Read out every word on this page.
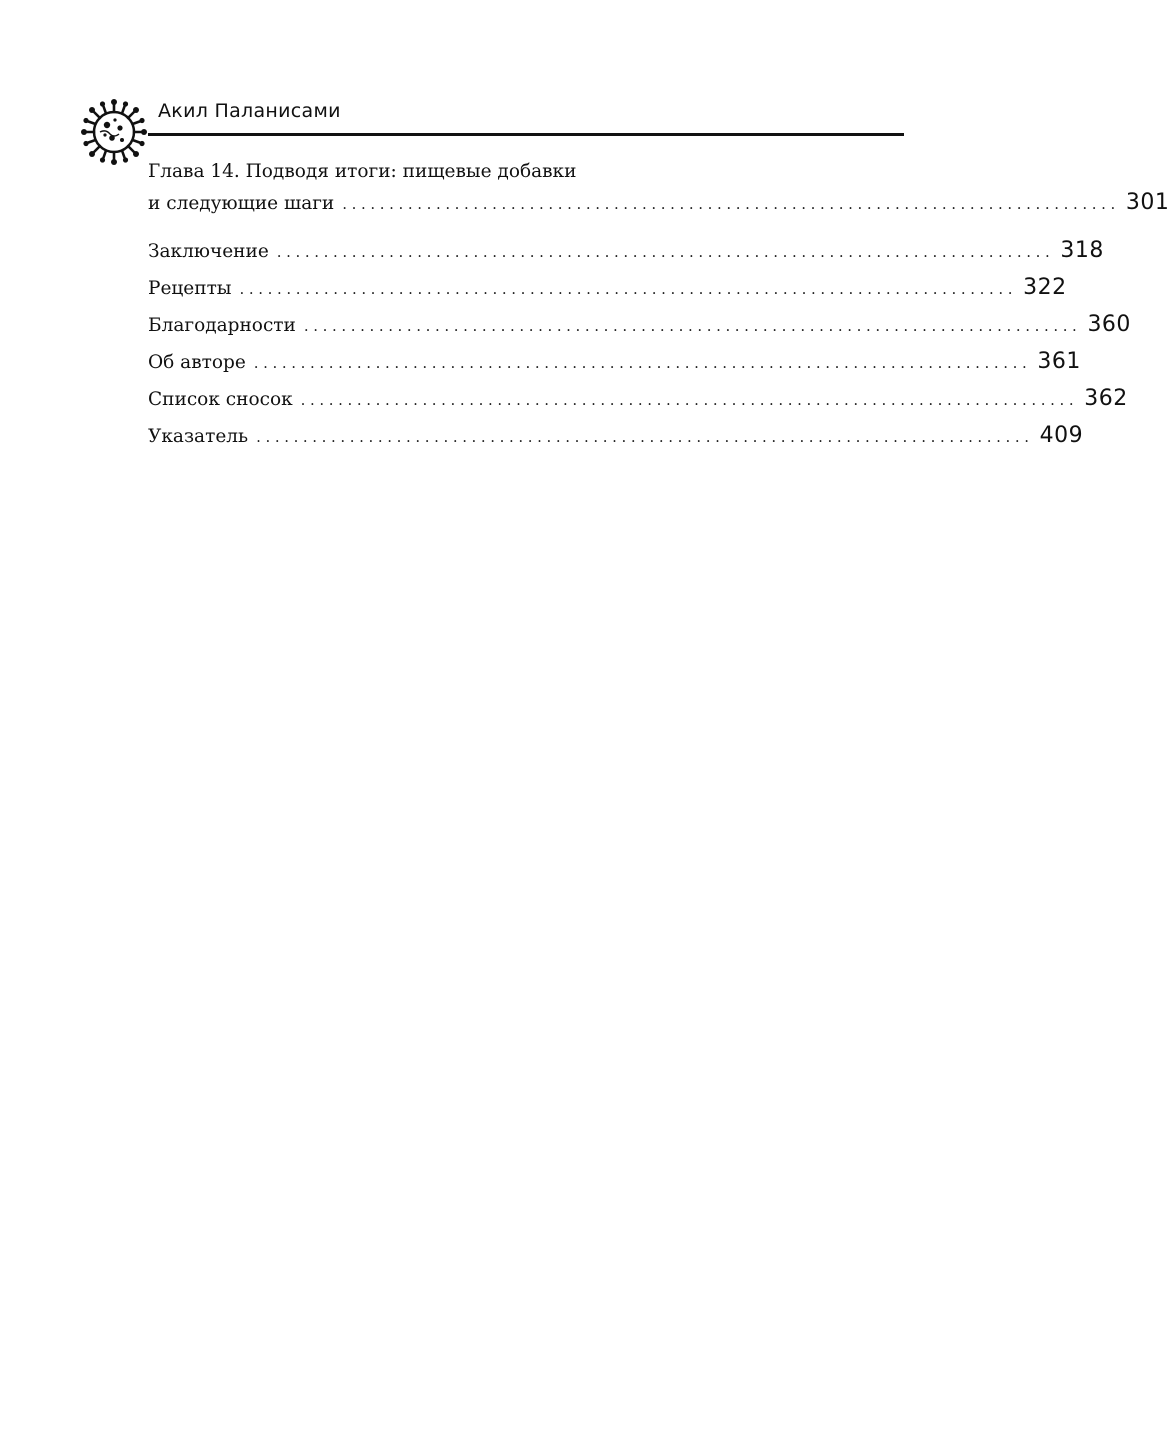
Акил Паланисами
Глава 14. Подводя итоги: пищевые добавки
и следующие шаги ................................................................................... 301
Заключение ................................................................................... 318
Рецепты ................................................................................... 322
Благодарности ................................................................................... 360
Об авторе ................................................................................... 361
Список сносок ................................................................................... 362
Указатель ................................................................................... 409
